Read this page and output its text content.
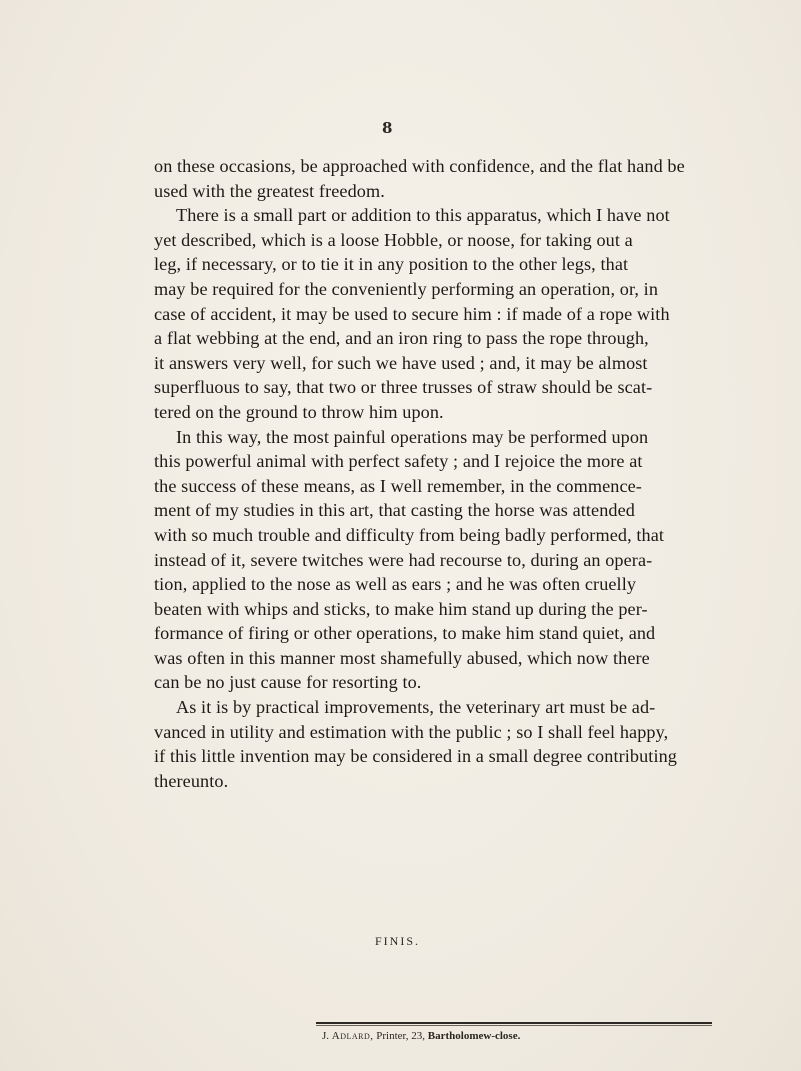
8
on these occasions, be approached with confidence, and the flat hand be
used with the greatest freedom.
There is a small part or addition to this apparatus, which I have not
yet described, which is a loose Hobble, or noose, for taking out a
leg, if necessary, or to tie it in any position to the other legs, that
may be required for the conveniently performing an operation, or, in
case of accident, it may be used to secure him : if made of a rope with
a flat webbing at the end, and an iron ring to pass the rope through,
it answers very well, for such we have used ; and, it may be almost
superfluous to say, that two or three trusses of straw should be scat-
tered on the ground to throw him upon.
In this way, the most painful operations may be performed upon
this powerful animal with perfect safety ; and I rejoice the more at
the success of these means, as I well remember, in the commence-
ment of my studies in this art, that casting the horse was attended
with so much trouble and difficulty from being badly performed, that
instead of it, severe twitches were had recourse to, during an opera-
tion, applied to the nose as well as ears ; and he was often cruelly
beaten with whips and sticks, to make him stand up during the per-
formance of firing or other operations, to make him stand quiet, and
was often in this manner most shamefully abused, which now there
can be no just cause for resorting to.
As it is by practical improvements, the veterinary art must be ad-
vanced in utility and estimation with the public ; so I shall feel happy,
if this little invention may be considered in a small degree contributing
thereunto.
FINIS.
J. Adlard, Printer, 23, Bartholomew-close.
